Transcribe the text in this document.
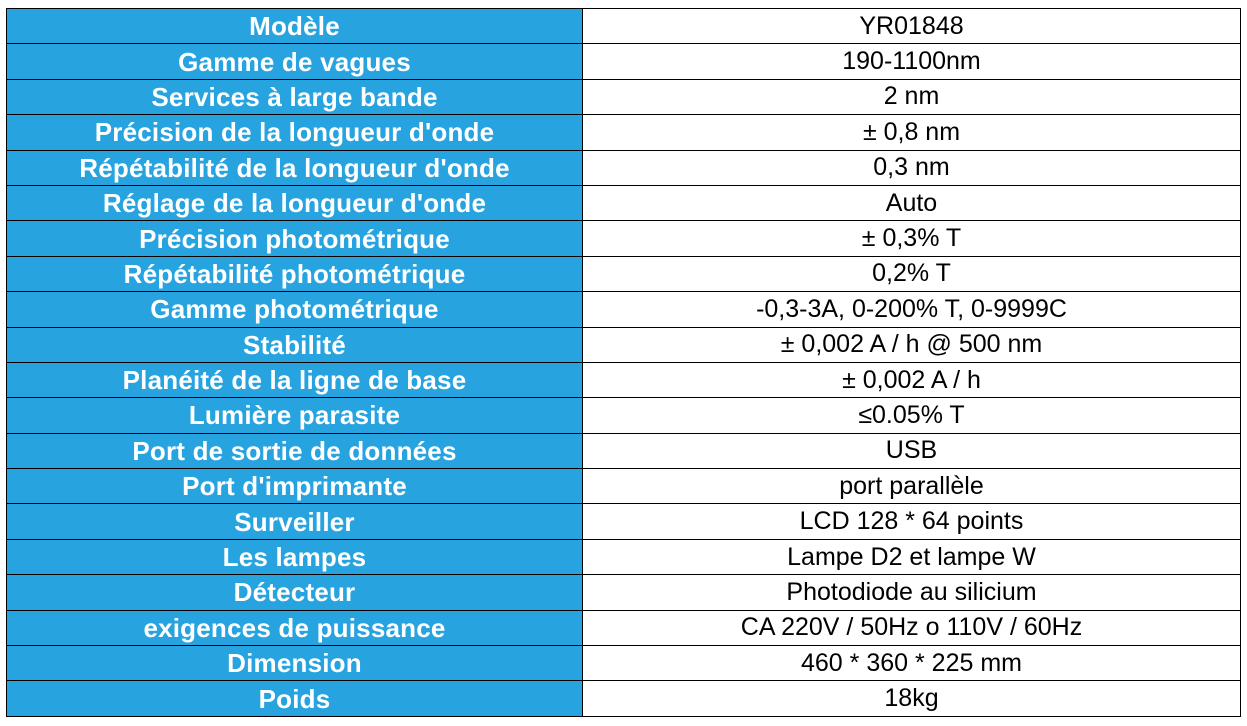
Modèle	YR01848
Gamme de vagues	190-1100nm
Services à large bande	2 nm
Précision de la longueur d'onde	± 0,8 nm
Répétabilité de la longueur d'onde	0,3 nm
Réglage de la longueur d'onde	Auto
Précision photométrique	± 0,3% T
Répétabilité photométrique	0,2% T
Gamme photométrique	-0,3-3A, 0-200% T, 0-9999C
Stabilité	± 0,002 A / h @ 500 nm
Planéité de la ligne de base	± 0,002 A / h
Lumière parasite	≤0.05% T
Port de sortie de données	USB
Port d'imprimante	port parallèle
Surveiller	LCD 128 * 64 points
Les lampes	Lampe D2 et lampe W
Détecteur	Photodiode au silicium
exigences de puissance	CA 220V / 50Hz o 110V / 60Hz
Dimension	460 * 360 * 225 mm
Poids	18kg
